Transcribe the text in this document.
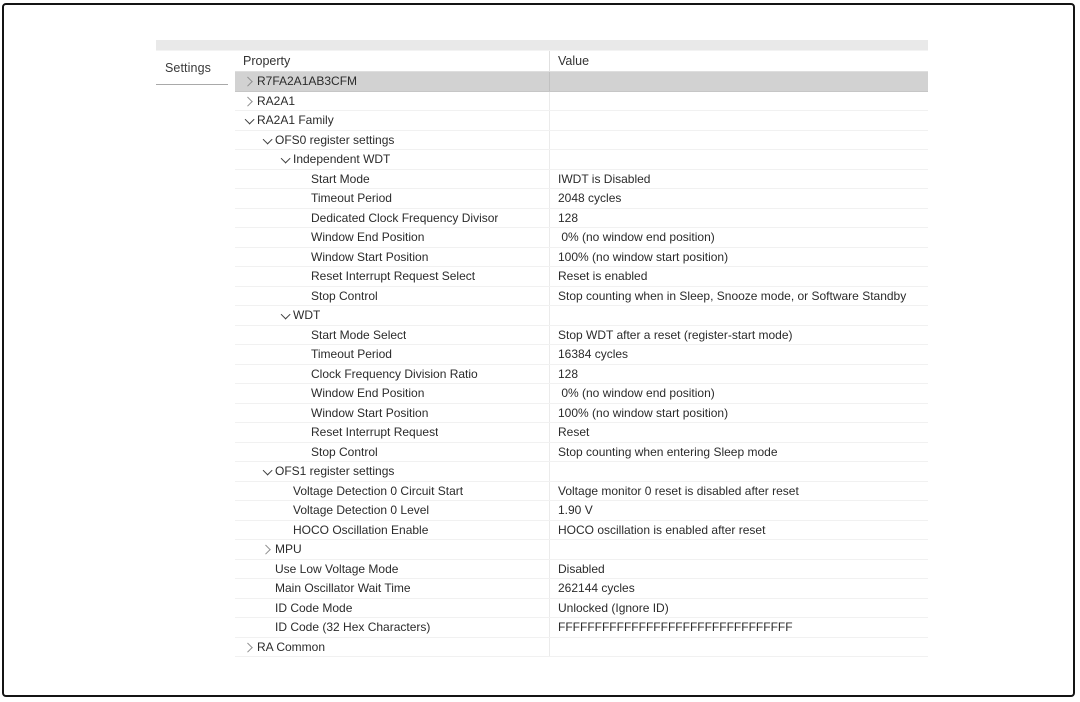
Settings	Property	Value
R7FA2A1AB3CFM
RA2A1
RA2A1 Family
OFS0 register settings
Independent WDT
Start Mode	IWDT is Disabled
Timeout Period	2048 cycles
Dedicated Clock Frequency Divisor	128
Window End Position	0% (no window end position)
Window Start Position	100% (no window start position)
Reset Interrupt Request Select	Reset is enabled
Stop Control	Stop counting when in Sleep, Snooze mode, or Software Standby
WDT
Start Mode Select	Stop WDT after a reset (register-start mode)
Timeout Period	16384 cycles
Clock Frequency Division Ratio	128
Window End Position	0% (no window end position)
Window Start Position	100% (no window start position)
Reset Interrupt Request	Reset
Stop Control	Stop counting when entering Sleep mode
OFS1 register settings
Voltage Detection 0 Circuit Start	Voltage monitor 0 reset is disabled after reset
Voltage Detection 0 Level	1.90 V
HOCO Oscillation Enable	HOCO oscillation is enabled after reset
MPU
Use Low Voltage Mode	Disabled
Main Oscillator Wait Time	262144 cycles
ID Code Mode	Unlocked (Ignore ID)
ID Code (32 Hex Characters)	FFFFFFFFFFFFFFFFFFFFFFFFFFFFFFFF
RA Common
